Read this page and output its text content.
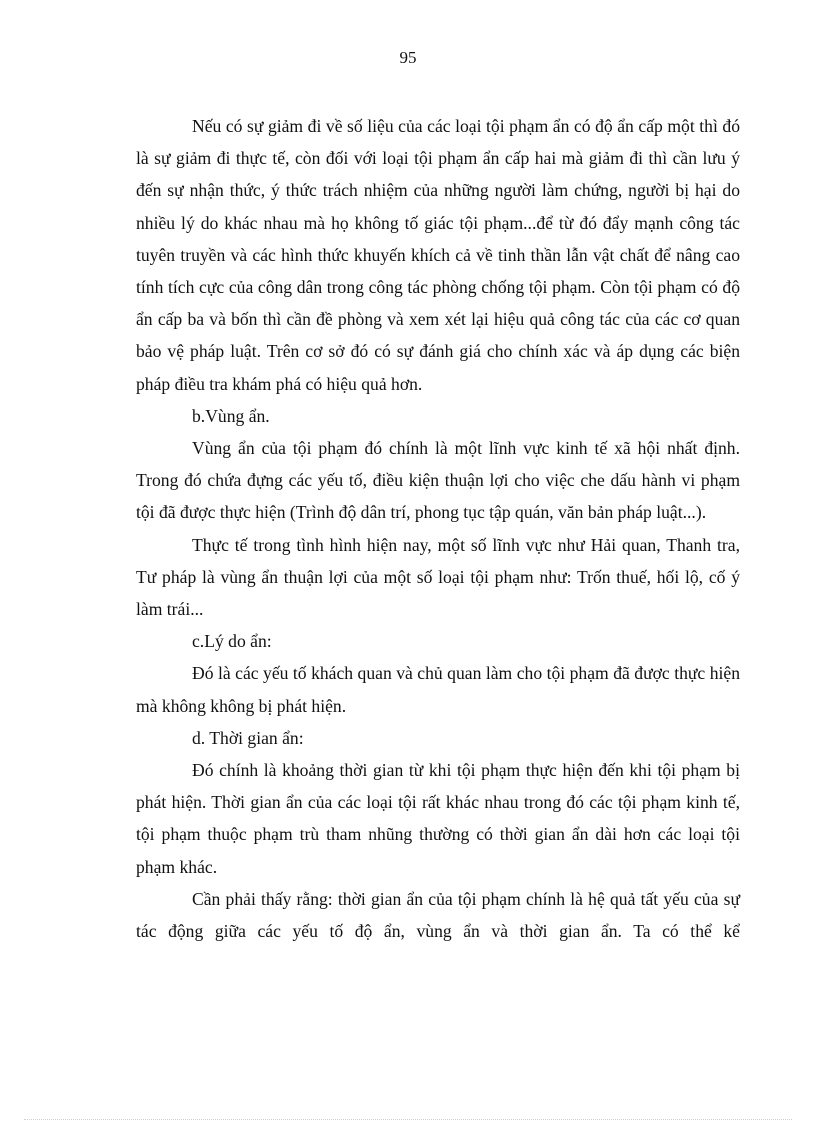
95

Nếu có sự giảm đi về số liệu của các loại tội phạm ẩn có độ ẩn cấp một thì đó là sự giảm đi thực tế, còn đối với loại tội phạm ẩn cấp hai mà giảm đi thì cần lưu ý đến sự nhận thức, ý thức trách nhiệm của những người làm chứng, người bị hại do nhiều lý do khác nhau mà họ không tố giác tội phạm...để từ đó đẩy mạnh công tác tuyên truyền và các hình thức khuyến khích cả về tinh thần lẫn vật chất để nâng cao tính tích cực của công dân trong công tác phòng chống tội phạm. Còn tội phạm có độ ẩn cấp ba và bốn thì cần đề phòng và xem xét lại hiệu quả công tác của các cơ quan bảo vệ pháp luật. Trên cơ sở đó có sự đánh giá cho chính xác và áp dụng các biện pháp điều tra khám phá có hiệu quả hơn.

b.Vùng ẩn.

Vùng ẩn của tội phạm đó chính là một lĩnh vực kinh tế xã hội nhất định. Trong đó chứa đựng các yếu tố, điều kiện thuận lợi cho việc che dấu hành vi phạm tội đã được thực hiện (Trình độ dân trí, phong tục tập quán, văn bản pháp luật...).

Thực tế trong tình hình hiện nay, một số lĩnh vực như Hải quan, Thanh tra, Tư pháp là vùng ẩn thuận lợi của một số loại tội phạm như: Trốn thuế, hối lộ, cố ý làm trái...

c.Lý do ẩn:

Đó là các yếu tố khách quan và chủ quan làm cho tội phạm đã được thực hiện mà không không bị phát hiện.

d. Thời gian ẩn:

Đó chính là khoảng thời gian từ khi tội phạm thực hiện đến khi tội phạm bị phát hiện. Thời gian ẩn của các loại tội rất khác nhau trong đó các tội phạm kinh tế, tội phạm thuộc phạm trù tham nhũng thường có thời gian ẩn dài hơn các loại tội phạm khác.

Cần phải thấy rằng: thời gian ẩn của tội phạm chính là hệ quả tất yếu của sự tác động giữa các yếu tố độ ẩn, vùng ẩn và thời gian ẩn. Ta có thể kể
